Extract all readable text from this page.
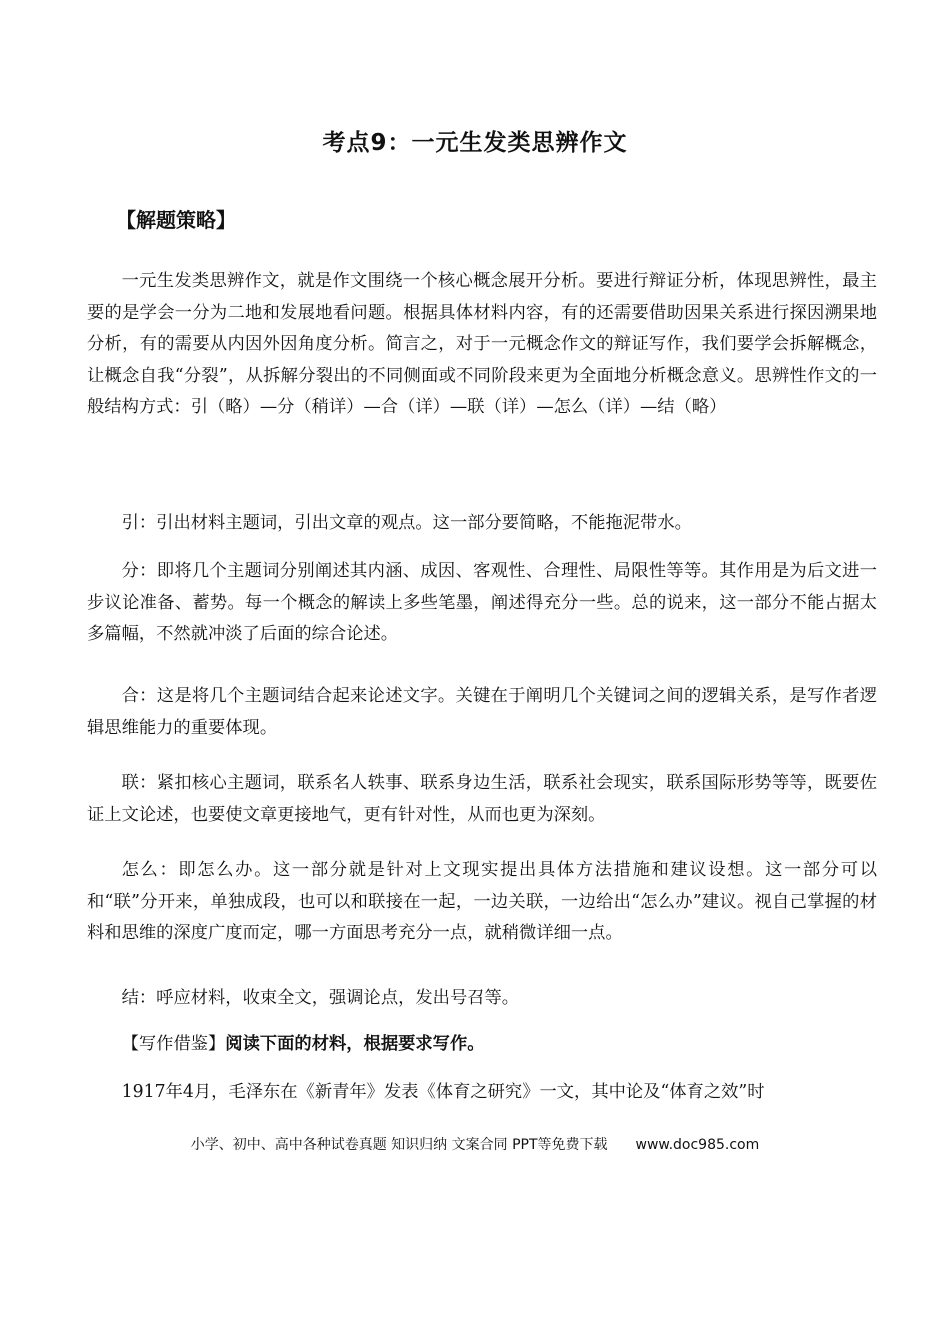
考点9：一元生发类思辨作文
【解题策略】

一元生发类思辨作文，就是作文围绕一个核心概念展开分析。要进行辩证分析，体现思辨性，最主要的是学会一分为二地和发展地看问题。根据具体材料内容，有的还需要借助因果关系进行探因溯果地分析，有的需要从内因外因角度分析。简言之，对于一元概念作文的辩证写作，我们要学会拆解概念，让概念自我“分裂”，从拆解分裂出的不同侧面或不同阶段来更为全面地分析概念意义。思辨性作文的一般结构方式：引（略）—分（稍详）—合（详）—联（详）—怎么（详）—结（略）

引：引出材料主题词，引出文章的观点。这一部分要简略，不能拖泥带水。

分：即将几个主题词分别阐述其内涵、成因、客观性、合理性、局限性等等。其作用是为后文进一步议论准备、蓄势。每一个概念的解读上多些笔墨，阐述得充分一些。总的说来，这一部分不能占据太多篇幅，不然就冲淡了后面的综合论述。

合：这是将几个主题词结合起来论述文字。关键在于阐明几个关键词之间的逻辑关系，是写作者逻辑思维能力的重要体现。

联：紧扣核心主题词，联系名人轶事、联系身边生活，联系社会现实，联系国际形势等等，既要佐证上文论述，也要使文章更接地气，更有针对性，从而也更为深刻。

怎么：即怎么办。这一部分就是针对上文现实提出具体方法措施和建议设想。这一部分可以和“联”分开来，单独成段，也可以和联接在一起，一边关联，一边给出“怎么办”建议。视自己掌握的材料和思维的深度广度而定，哪一方面思考充分一点，就稍微详细一点。

结：呼应材料，收束全文，强调论点，发出号召等。

【写作借鉴】阅读下面的材料，根据要求写作。

1917年4月，毛泽东在《新青年》发表《体育之研究》一文，其中论及“体育之效”时

小学、初中、高中各种试卷真题 知识归纳 文案合同 PPT等免费下载 www.doc985.com
